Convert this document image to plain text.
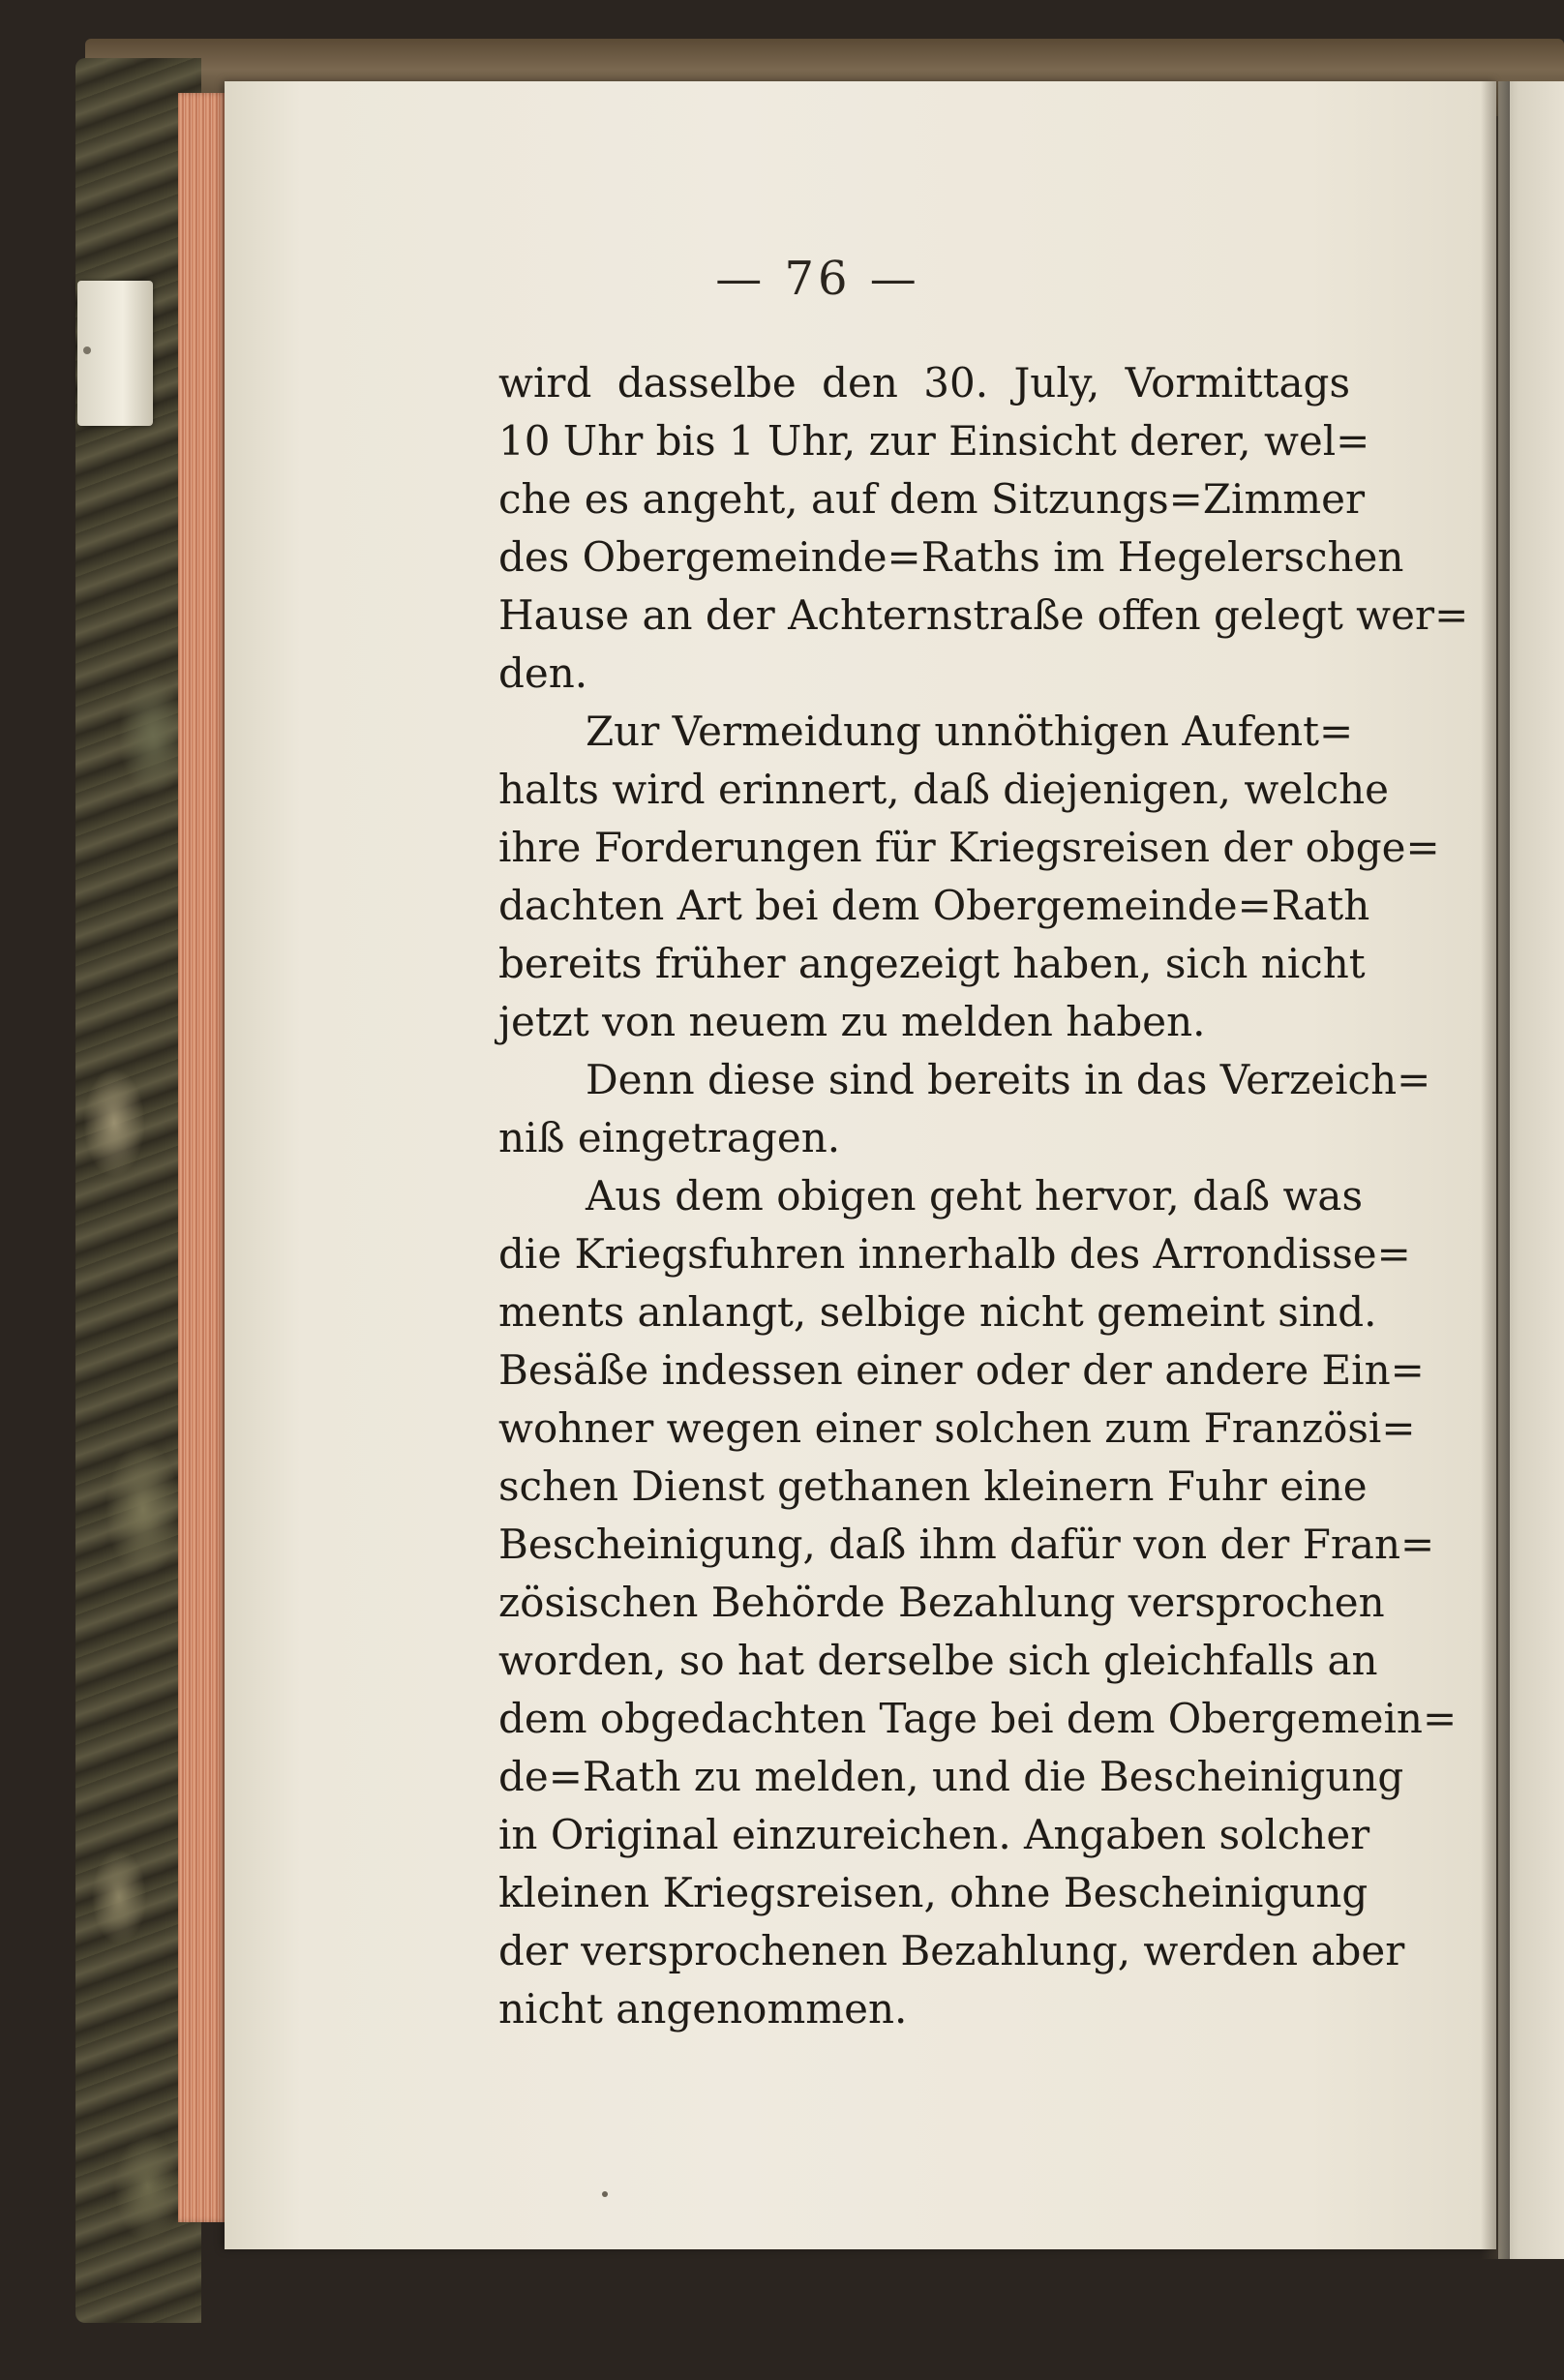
— 76 —
wird dasselbe den 30. July, Vormittags
10 Uhr bis 1 Uhr, zur Einsicht derer, wel=
che es angeht, auf dem Sitzungs=Zimmer
des Obergemeinde=Raths im Hegelerschen
Hause an der Achternstraße offen gelegt wer=
den.
Zur Vermeidung unnöthigen Aufent=
halts wird erinnert, daß diejenigen, welche
ihre Forderungen für Kriegsreisen der obge=
dachten Art bei dem Obergemeinde=Rath
bereits früher angezeigt haben, sich nicht
jetzt von neuem zu melden haben.
Denn diese sind bereits in das Verzeich=
niß eingetragen.
Aus dem obigen geht hervor, daß was
die Kriegsfuhren innerhalb des Arrondisse=
ments anlangt, selbige nicht gemeint sind.
Besäße indessen einer oder der andere Ein=
wohner wegen einer solchen zum Französi=
schen Dienst gethanen kleinern Fuhr eine
Bescheinigung, daß ihm dafür von der Fran=
zösischen Behörde Bezahlung versprochen
worden, so hat derselbe sich gleichfalls an
dem obgedachten Tage bei dem Obergemein=
de=Rath zu melden, und die Bescheinigung
in Original einzureichen. Angaben solcher
kleinen Kriegsreisen, ohne Bescheinigung
der versprochenen Bezahlung, werden aber
nicht angenommen.
